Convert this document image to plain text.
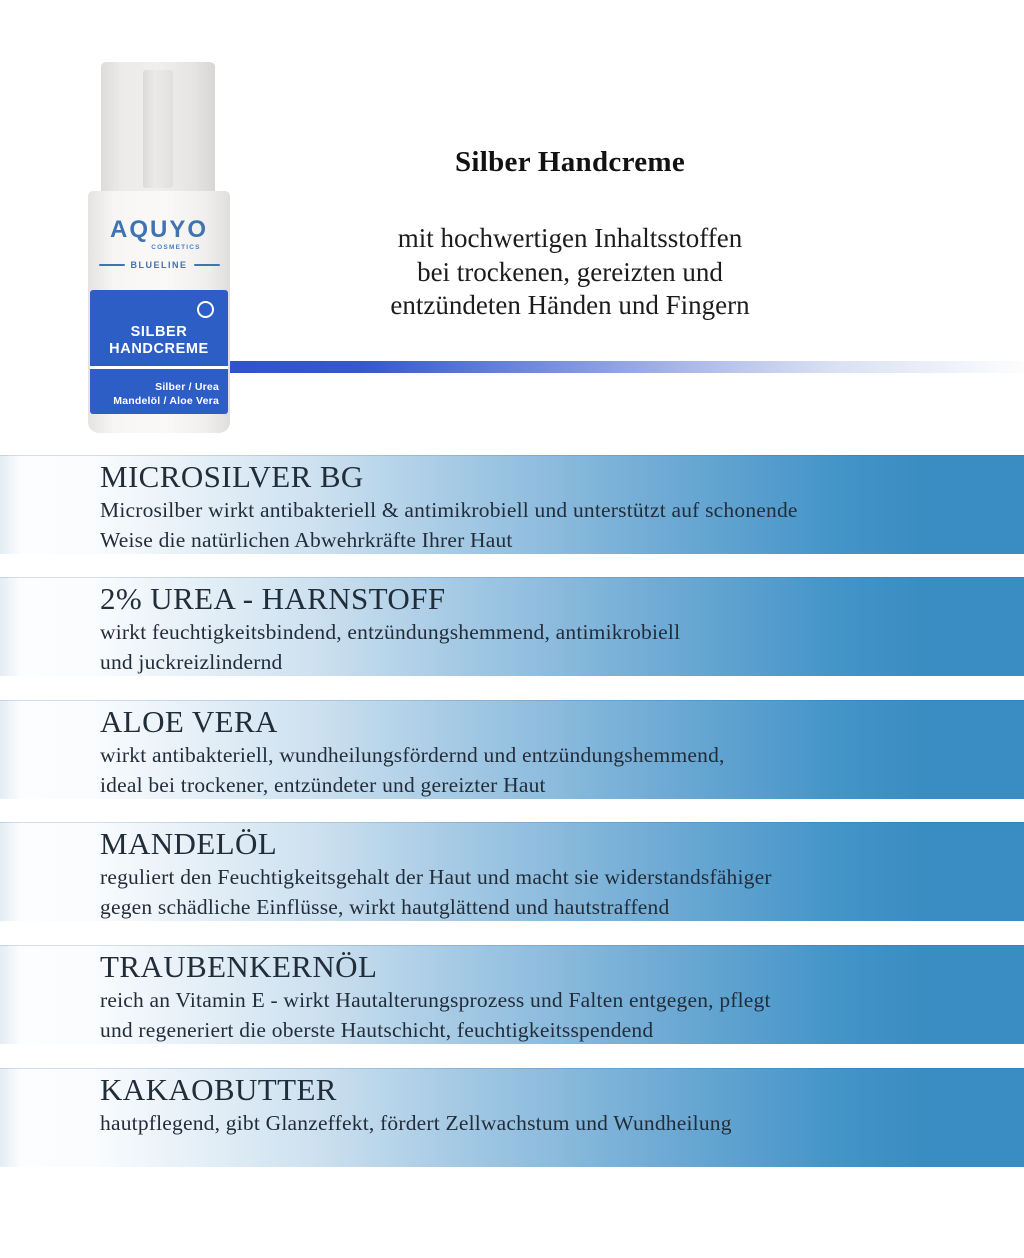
AQUYO
COSMETICS
BLUELINE
SILBER
HANDCREME
Silber / Urea
Mandelöl / Aloe Vera
Silber Handcreme
mit hochwertigen Inhaltsstoffen
bei trockenen, gereizten und
entzündeten Händen und Fingern
MICROSILVER BG
Microsilber wirkt antibakteriell & antimikrobiell und unterstützt auf schonende
Weise die natürlichen Abwehrkräfte Ihrer Haut
2% UREA - HARNSTOFF
wirkt feuchtigkeitsbindend, entzündungshemmend, antimikrobiell
und juckreizlindernd
ALOE VERA
wirkt antibakteriell, wundheilungsfördernd und entzündungshemmend,
ideal bei trockener, entzündeter und gereizter Haut
MANDELÖL
reguliert den Feuchtigkeitsgehalt der Haut und macht sie widerstandsfähiger
gegen schädliche Einflüsse, wirkt hautglättend und hautstraffend
TRAUBENKERNÖL
reich an Vitamin E - wirkt Hautalterungsprozess und Falten entgegen, pflegt
und regeneriert die oberste Hautschicht, feuchtigkeitsspendend
KAKAOBUTTER
hautpflegend, gibt Glanzeffekt, fördert Zellwachstum und Wundheilung
